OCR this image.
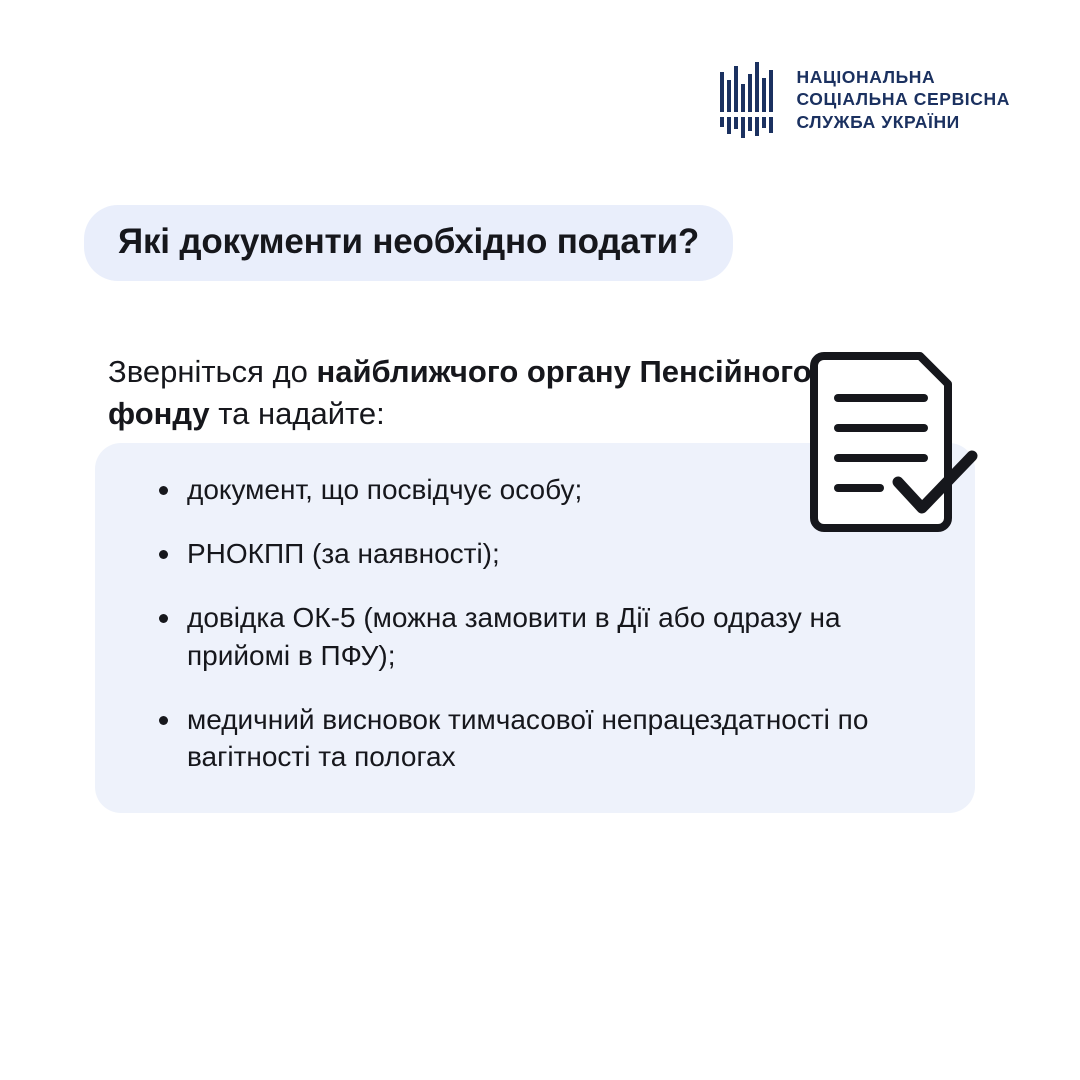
НАЦІОНАЛЬНА
СОЦІАЛЬНА СЕРВІСНА
СЛУЖБА УКРАЇНИ
Які документи необхідно подати?

Зверніться до найближчого органу Пенсійного фонду та надайте:

документ, що посвідчує особу;
РНОКПП (за наявності);
довідка ОК-5 (можна замовити в Дії або одразу на прийомі в ПФУ);
медичний висновок тимчасової непрацездатності по вагітності та пологах
